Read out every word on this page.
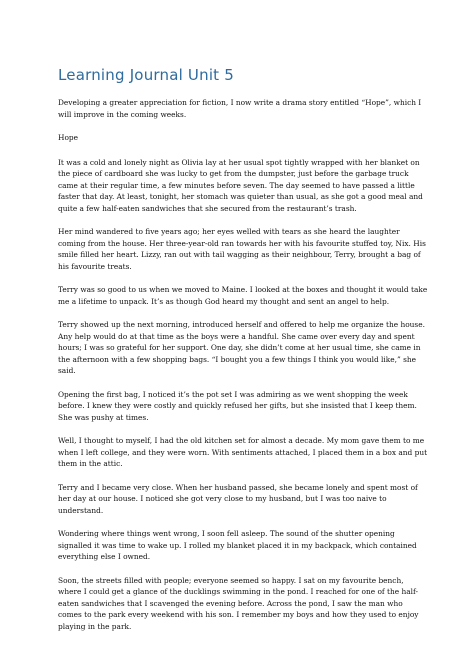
Learning Journal Unit 5

Developing a greater appreciation for fiction, I now write a drama story entitled “Hope”, which I will improve in the coming weeks.

Hope

It was a cold and lonely night as Olivia lay at her usual spot tightly wrapped with her blanket on the piece of cardboard she was lucky to get from the dumpster, just before the garbage truck came at their regular time, a few minutes before seven. The day seemed to have passed a little faster that day. At least, tonight, her stomach was quieter than usual, as she got a good meal and quite a few half-eaten sandwiches that she secured from the restaurant’s trash.

Her mind wandered to five years ago; her eyes welled with tears as she heard the laughter coming from the house. Her three-year-old ran towards her with his favourite stuffed toy, Nix. His smile filled her heart. Lizzy, ran out with tail wagging as their neighbour, Terry, brought a bag of his favourite treats.

Terry was so good to us when we moved to Maine. I looked at the boxes and thought it would take me a lifetime to unpack. It’s as though God heard my thought and sent an angel to help.

Terry showed up the next morning, introduced herself and offered to help me organize the house. Any help would do at that time as the boys were a handful. She came over every day and spent hours; I was so grateful for her support. One day, she didn’t come at her usual time, she came in the afternoon with a few shopping bags. “I bought you a few things I think you would like,” she said.

Opening the first bag, I noticed it’s the pot set I was admiring as we went shopping the week before. I knew they were costly and quickly refused her gifts, but she insisted that I keep them. She was pushy at times.

Well, I thought to myself, I had the old kitchen set for almost a decade. My mom gave them to me when I left college, and they were worn. With sentiments attached, I placed them in a box and put them in the attic.

Terry and I became very close. When her husband passed, she became lonely and spent most of her day at our house. I noticed she got very close to my husband, but I was too naive to understand.

Wondering where things went wrong, I soon fell asleep. The sound of the shutter opening signalled it was time to wake up. I rolled my blanket placed it in my backpack, which contained everything else I owned.

Soon, the streets filled with people; everyone seemed so happy. I sat on my favourite bench, where I could get a glance of the ducklings swimming in the pond. I reached for one of the half-eaten sandwiches that I scavenged the evening before. Across the pond, I saw the man who comes to the park every weekend with his son. I remember my boys and how they used to enjoy playing in the park.
